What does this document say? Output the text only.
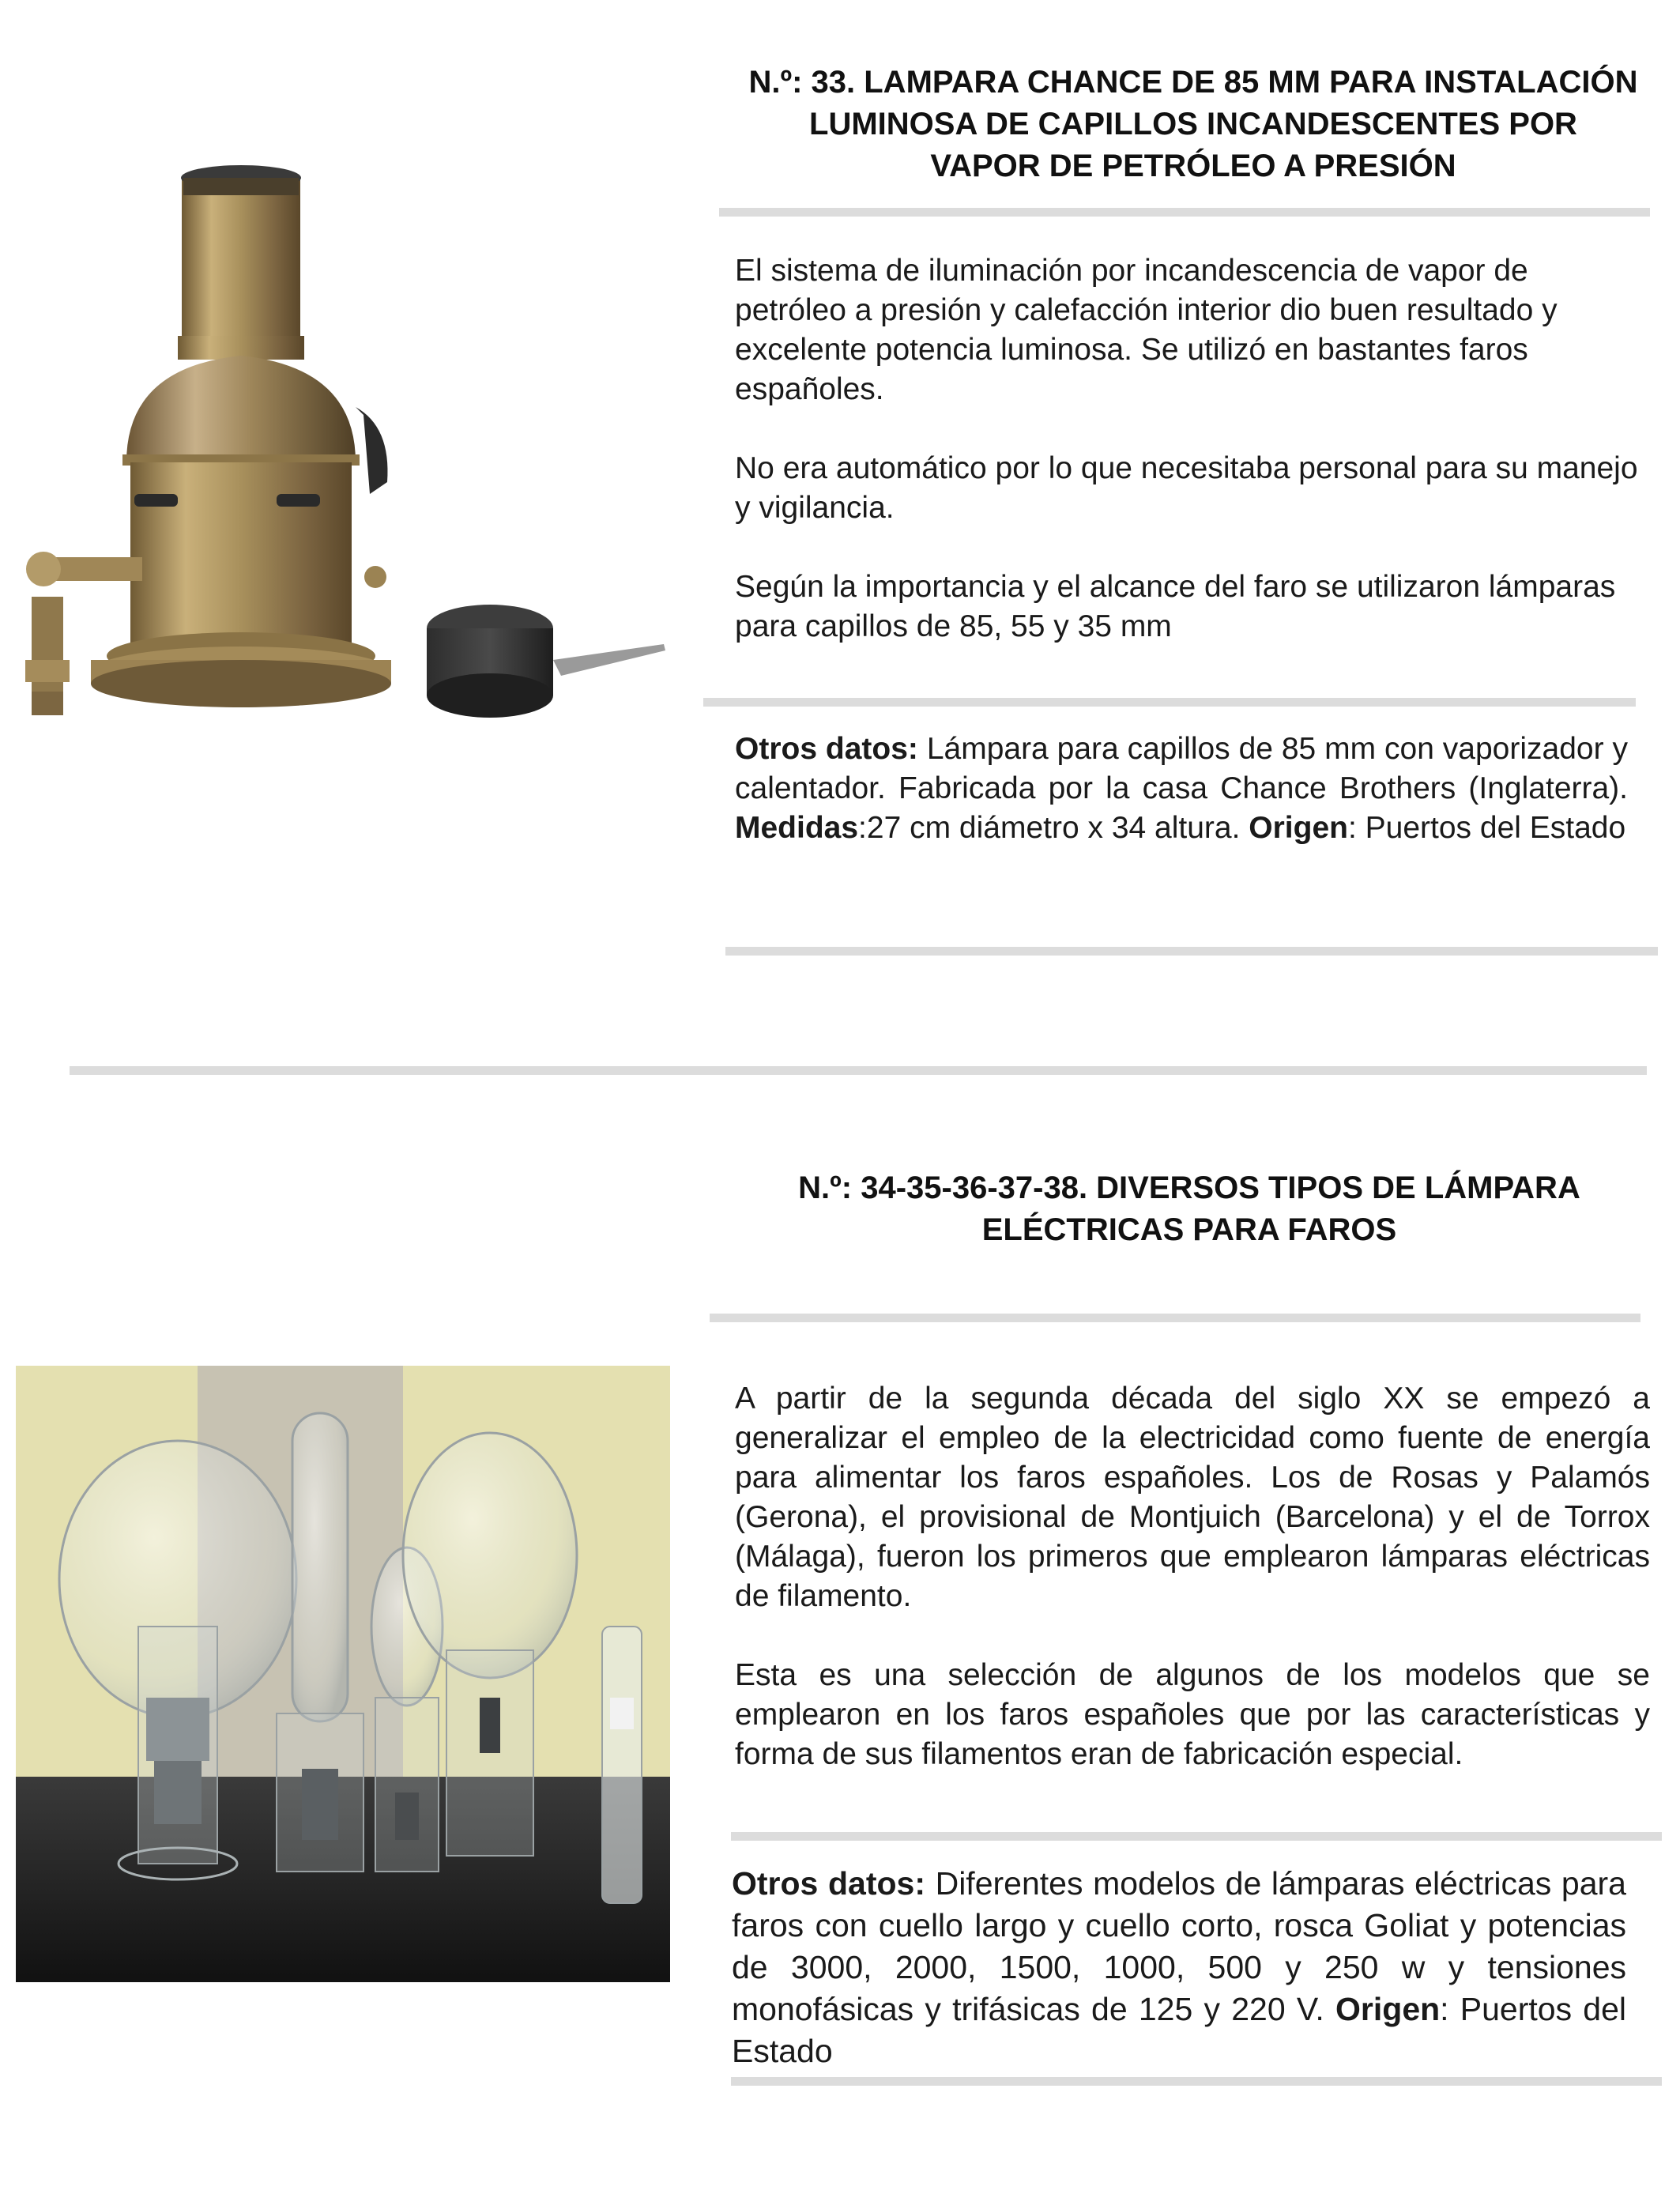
N.º: 33. LAMPARA CHANCE DE 85 MM PARA INSTALACIÓN
LUMINOSA DE CAPILLOS INCANDESCENTES POR
VAPOR DE PETRÓLEO A PRESIÓN

El sistema de iluminación por incandescencia de vapor de petróleo a presión y calefacción interior dio buen resultado y excelente potencia luminosa. Se utilizó en bastantes faros españoles.

No era automático por lo que necesitaba personal para su manejo y vigilancia.

Según la importancia y el alcance del faro se utilizaron lámparas para capillos de 85, 55 y 35 mm

Otros datos: Lámpara para capillos de 85 mm con vaporizador y calentador. Fabricada por la casa Chance Brothers (Inglaterra). Medidas:27 cm diámetro x 34 altura. Origen: Puertos del Estado
N.º: 34-35-36-37-38. DIVERSOS TIPOS DE LÁMPARA
ELÉCTRICAS PARA FAROS

A partir de la segunda década del siglo XX se empezó a generalizar el empleo de la electricidad como fuente de energía para alimentar los faros españoles. Los de Rosas y Palamós (Gerona), el provisional de Montjuich (Barcelona) y el de Torrox (Málaga), fueron los primeros que emplearon lámparas eléctricas de filamento.

Esta es una selección de algunos de los modelos que se emplearon en los faros españoles que por las características y forma de sus filamentos eran de fabricación especial.

Otros datos: Diferentes modelos de lámparas eléctricas para faros con cuello largo y cuello corto, rosca Goliat y potencias de 3000, 2000, 1500, 1000, 500 y 250 w y tensiones monofásicas y trifásicas de 125 y 220 V. Origen: Puertos del Estado
